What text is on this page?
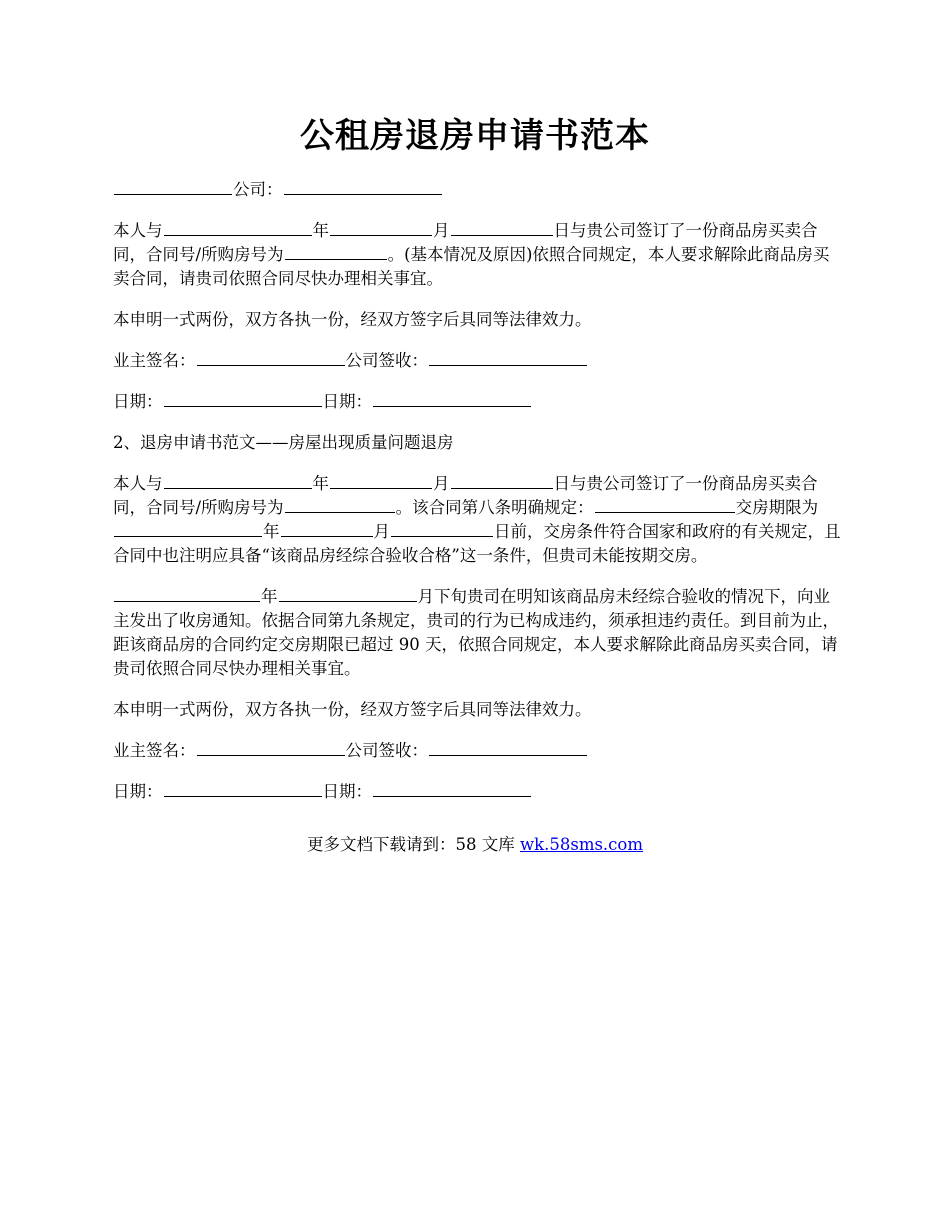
公租房退房申请书范本

公司：

本人与	年	月	日与贵公司签订了一份商品房买卖合同，合同号/所购房号为	。(基本情况及原因)依照合同规定，本人要求解除此商品房买卖合同，请贵司依照合同尽快办理相关事宜。

本申明一式两份，双方各执一份，经双方签字后具同等法律效力。

业主签名：	公司签收：

日期：	日期：

2、退房申请书范文——房屋出现质量问题退房

本人与	年	月	日与贵公司签订了一份商品房买卖合同，合同号/所购房号为	。该合同第八条明确规定：	交房期限为年	月	日前，交房条件符合国家和政府的有关规定，且合同中也注明应具备“该商品房经综合验收合格”这一条件，但贵司未能按期交房。

年	月下旬贵司在明知该商品房未经综合验收的情况下，向业主发出了收房通知。依据合同第九条规定，贵司的行为已构成违约，须承担违约责任。到目前为止，距该商品房的合同约定交房期限已超过 90 天，依照合同规定，本人要求解除此商品房买卖合同，请贵司依照合同尽快办理相关事宜。

本申明一式两份，双方各执一份，经双方签字后具同等法律效力。

业主签名：	公司签收：

日期：	日期：

更多文档下载请到：58 文库 wk.58sms.com
